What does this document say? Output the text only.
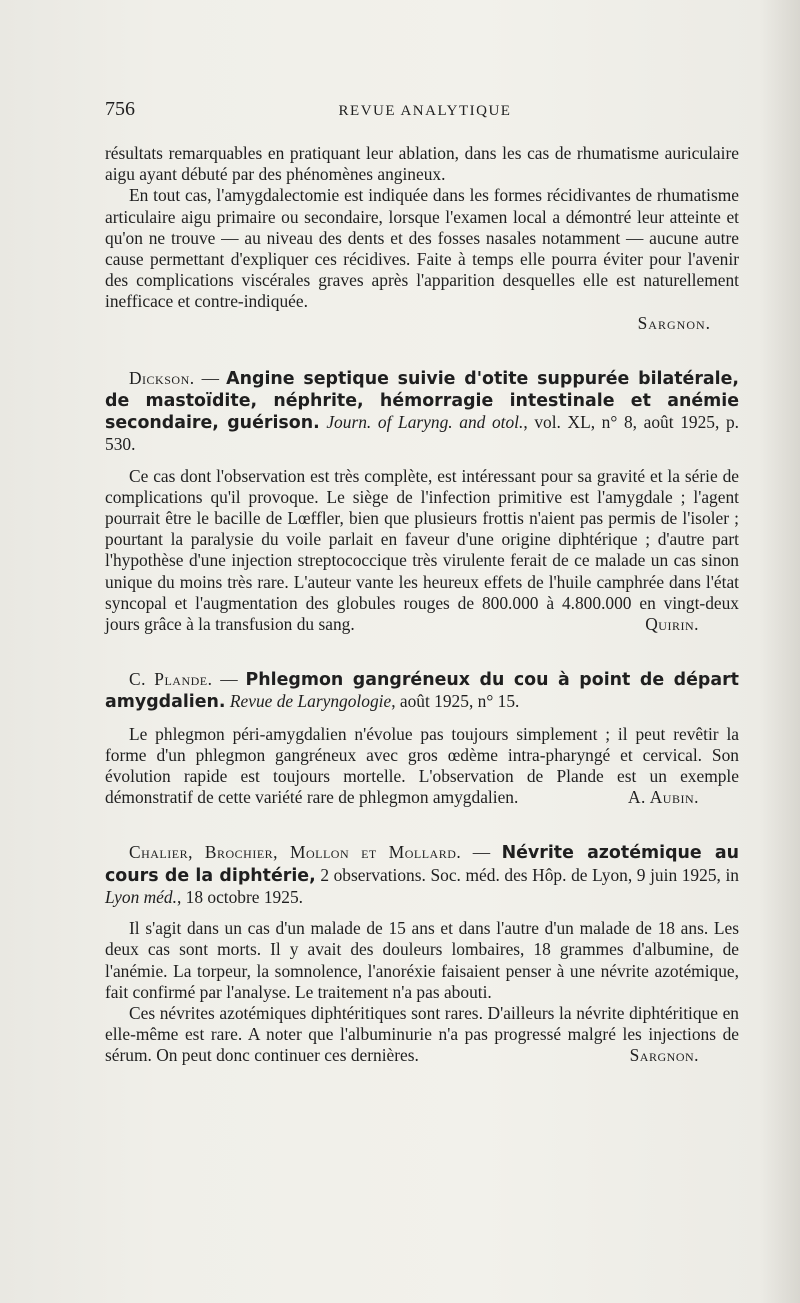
756	REVUE ANALYTIQUE

résultats remarquables en pratiquant leur ablation, dans les cas de rhumatisme auriculaire aigu ayant débuté par des phénomènes angineux.

En tout cas, l'amygdalectomie est indiquée dans les formes récidivantes de rhumatisme articulaire aigu primaire ou secondaire, lorsque l'examen local a démontré leur atteinte et qu'on ne trouve — au niveau des dents et des fosses nasales notamment — aucune autre cause permettant d'expliquer ces récidives. Faite à temps elle pourra éviter pour l'avenir des complications viscérales graves après l'apparition desquelles elle est naturellement inefficace et contre-indiquée.

Sargnon.

Dickson. — Angine septique suivie d'otite suppurée bilatérale, de mastoïdite, néphrite, hémorragie intestinale et anémie secondaire, guérison. Journ. of Laryng. and otol., vol. XL, n° 8, août 1925, p. 530.

Ce cas dont l'observation est très complète, est intéressant pour sa gravité et la série de complications qu'il provoque. Le siège de l'infection primitive est l'amygdale ; l'agent pourrait être le bacille de Lœffler, bien que plusieurs frottis n'aient pas permis de l'isoler ; pourtant la paralysie du voile parlait en faveur d'une origine diphtérique ; d'autre part l'hypothèse d'une injection streptococcique très virulente ferait de ce malade un cas sinon unique du moins très rare. L'auteur vante les heureux effets de l'huile camphrée dans l'état syncopal et l'augmentation des globules rouges de 800.000 à 4.800.000 en vingt-deux jours grâce à la transfusion du sang.	Quirin.

C. Plande. — Phlegmon gangréneux du cou à point de départ amygdalien. Revue de Laryngologie, août 1925, n° 15.

Le phlegmon péri-amygdalien n'évolue pas toujours simplement ; il peut revêtir la forme d'un phlegmon gangréneux avec gros œdème intra-pharyngé et cervical. Son évolution rapide est toujours mortelle. L'observation de Plande est un exemple démonstratif de cette variété rare de phlegmon amygdalien.	A. Aubin.

Chalier, Brochier, Mollon et Mollard. — Névrite azotémique au cours de la diphtérie, 2 observations. Soc. méd. des Hôp. de Lyon, 9 juin 1925, in Lyon méd., 18 octobre 1925.

Il s'agit dans un cas d'un malade de 15 ans et dans l'autre d'un malade de 18 ans. Les deux cas sont morts. Il y avait des douleurs lombaires, 18 grammes d'albumine, de l'anémie. La torpeur, la somnolence, l'anoréxie faisaient penser à une névrite azotémique, fait confirmé par l'analyse. Le traitement n'a pas abouti.

Ces névrites azotémiques diphtéritiques sont rares. D'ailleurs la névrite diphtéritique en elle-même est rare. A noter que l'albuminurie n'a pas progressé malgré les injections de sérum. On peut donc continuer ces dernières.	Sargnon.
